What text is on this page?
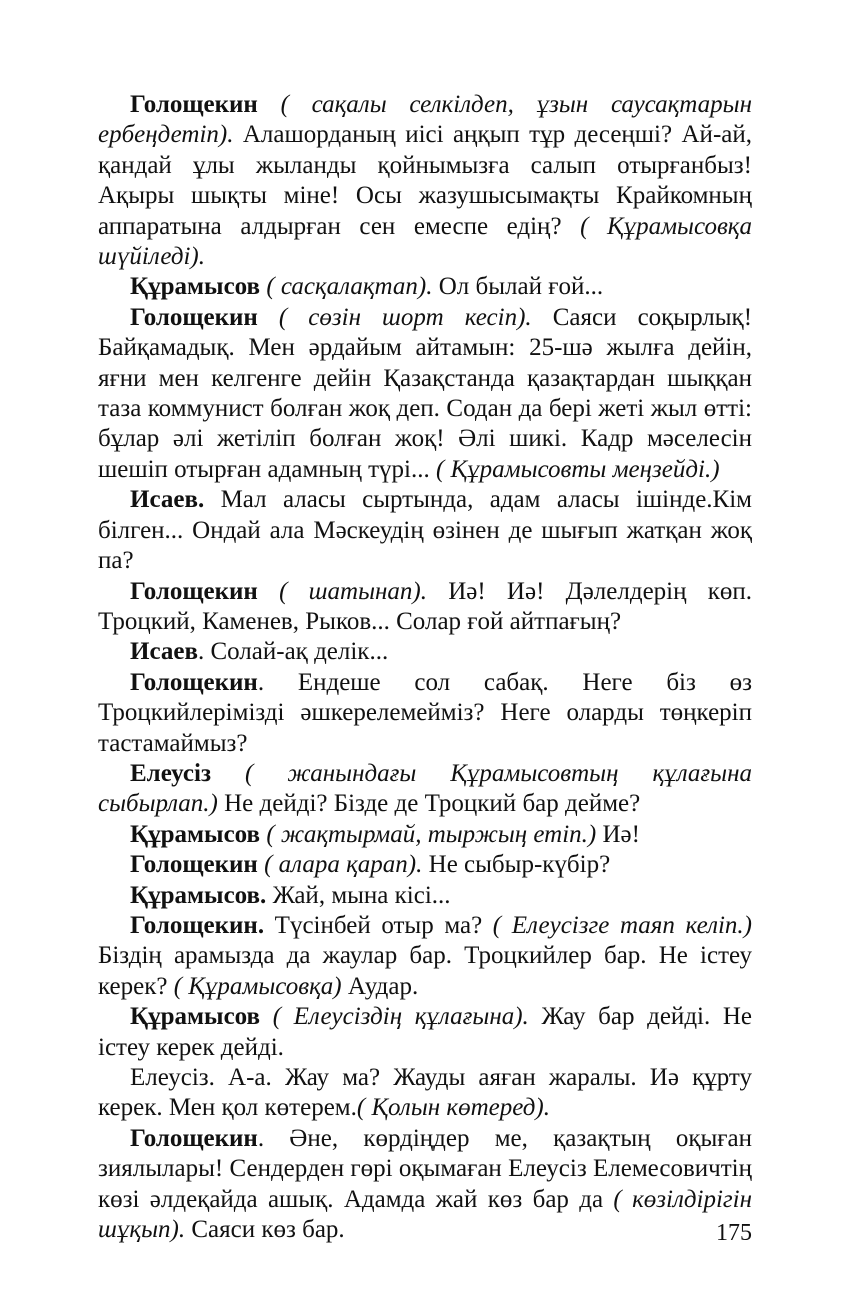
Голощекин ( сақалы селкілдеп, ұзын саусақтарын ербеңдетіп). Алашорданың иісі аңқып тұр десеңші? Ай-ай, қандай ұлы жыланды қойнымызға салып отырғанбыз! Ақыры шықты міне! Осы жазушысымақты Крайкомның аппаратына алдырған сен емеспе едің? ( Құрамысовқа шүйіледі).

Құрамысов ( сасқалақтап). Ол былай ғой...

Голощекин ( сөзін шорт кесіп). Саяси соқырлық! Байқамадық. Мен әрдайым айтамын: 25-шә жылға дейін, яғни мен келгенге дейін Қазақстанда қазақтардан шыққан таза коммунист болған жоқ деп. Содан да бері жеті жыл өтті: бұлар әлі жетіліп болған жоқ! Әлі шикі. Кадр мәселесін шешіп отырған адамның түрі... ( Құрамысовты меңзейді.)

Исаев. Мал аласы сыртында, адам аласы ішінде.Кім білген... Ондай ала Мәскеудің өзінен де шығып жатқан жоқ па?

Голощекин ( шатынап). Иә! Иә! Дәлелдерің көп. Троцкий, Каменев, Рыков... Солар ғой айтпағың?

Исаев. Солай-ақ делік...

Голощекин. Ендеше сол сабақ. Неге біз өз Троцкийлерімізді әшкерелемейміз? Неге оларды төңкеріп тастамаймыз?

Елеусіз ( жанындағы Құрамысовтың құлағына сыбырлап.) Не дейді? Бізде де Троцкий бар дейме?

Құрамысов ( жақтырмай, тыржың етіп.) Иә!

Голощекин ( алара қарап). Не сыбыр-күбір?

Құрамысов. Жай, мына кісі...

Голощекин. Түсінбей отыр ма? ( Елеусізге таяп келіп.) Біздің арамызда да жаулар бар. Троцкийлер бар. Не істеу керек? ( Құрамысовқа) Аудар.

Құрамысов ( Елеусіздің құлағына). Жау бар дейді. Не істеу керек дейді.

Елеусіз. А-а. Жау ма? Жауды аяған жаралы. Иә құрту керек. Мен қол көтерем.( Қолын көтеред).

Голощекин. Әне, көрдіңдер ме, қазақтың оқыған зиялылары! Сендерден гөрі оқымаған Елеусіз Елемесовичтің көзі әлдеқайда ашық. Адамда жай көз бар да ( көзілдірігін шұқып). Саяси көз бар.	175
